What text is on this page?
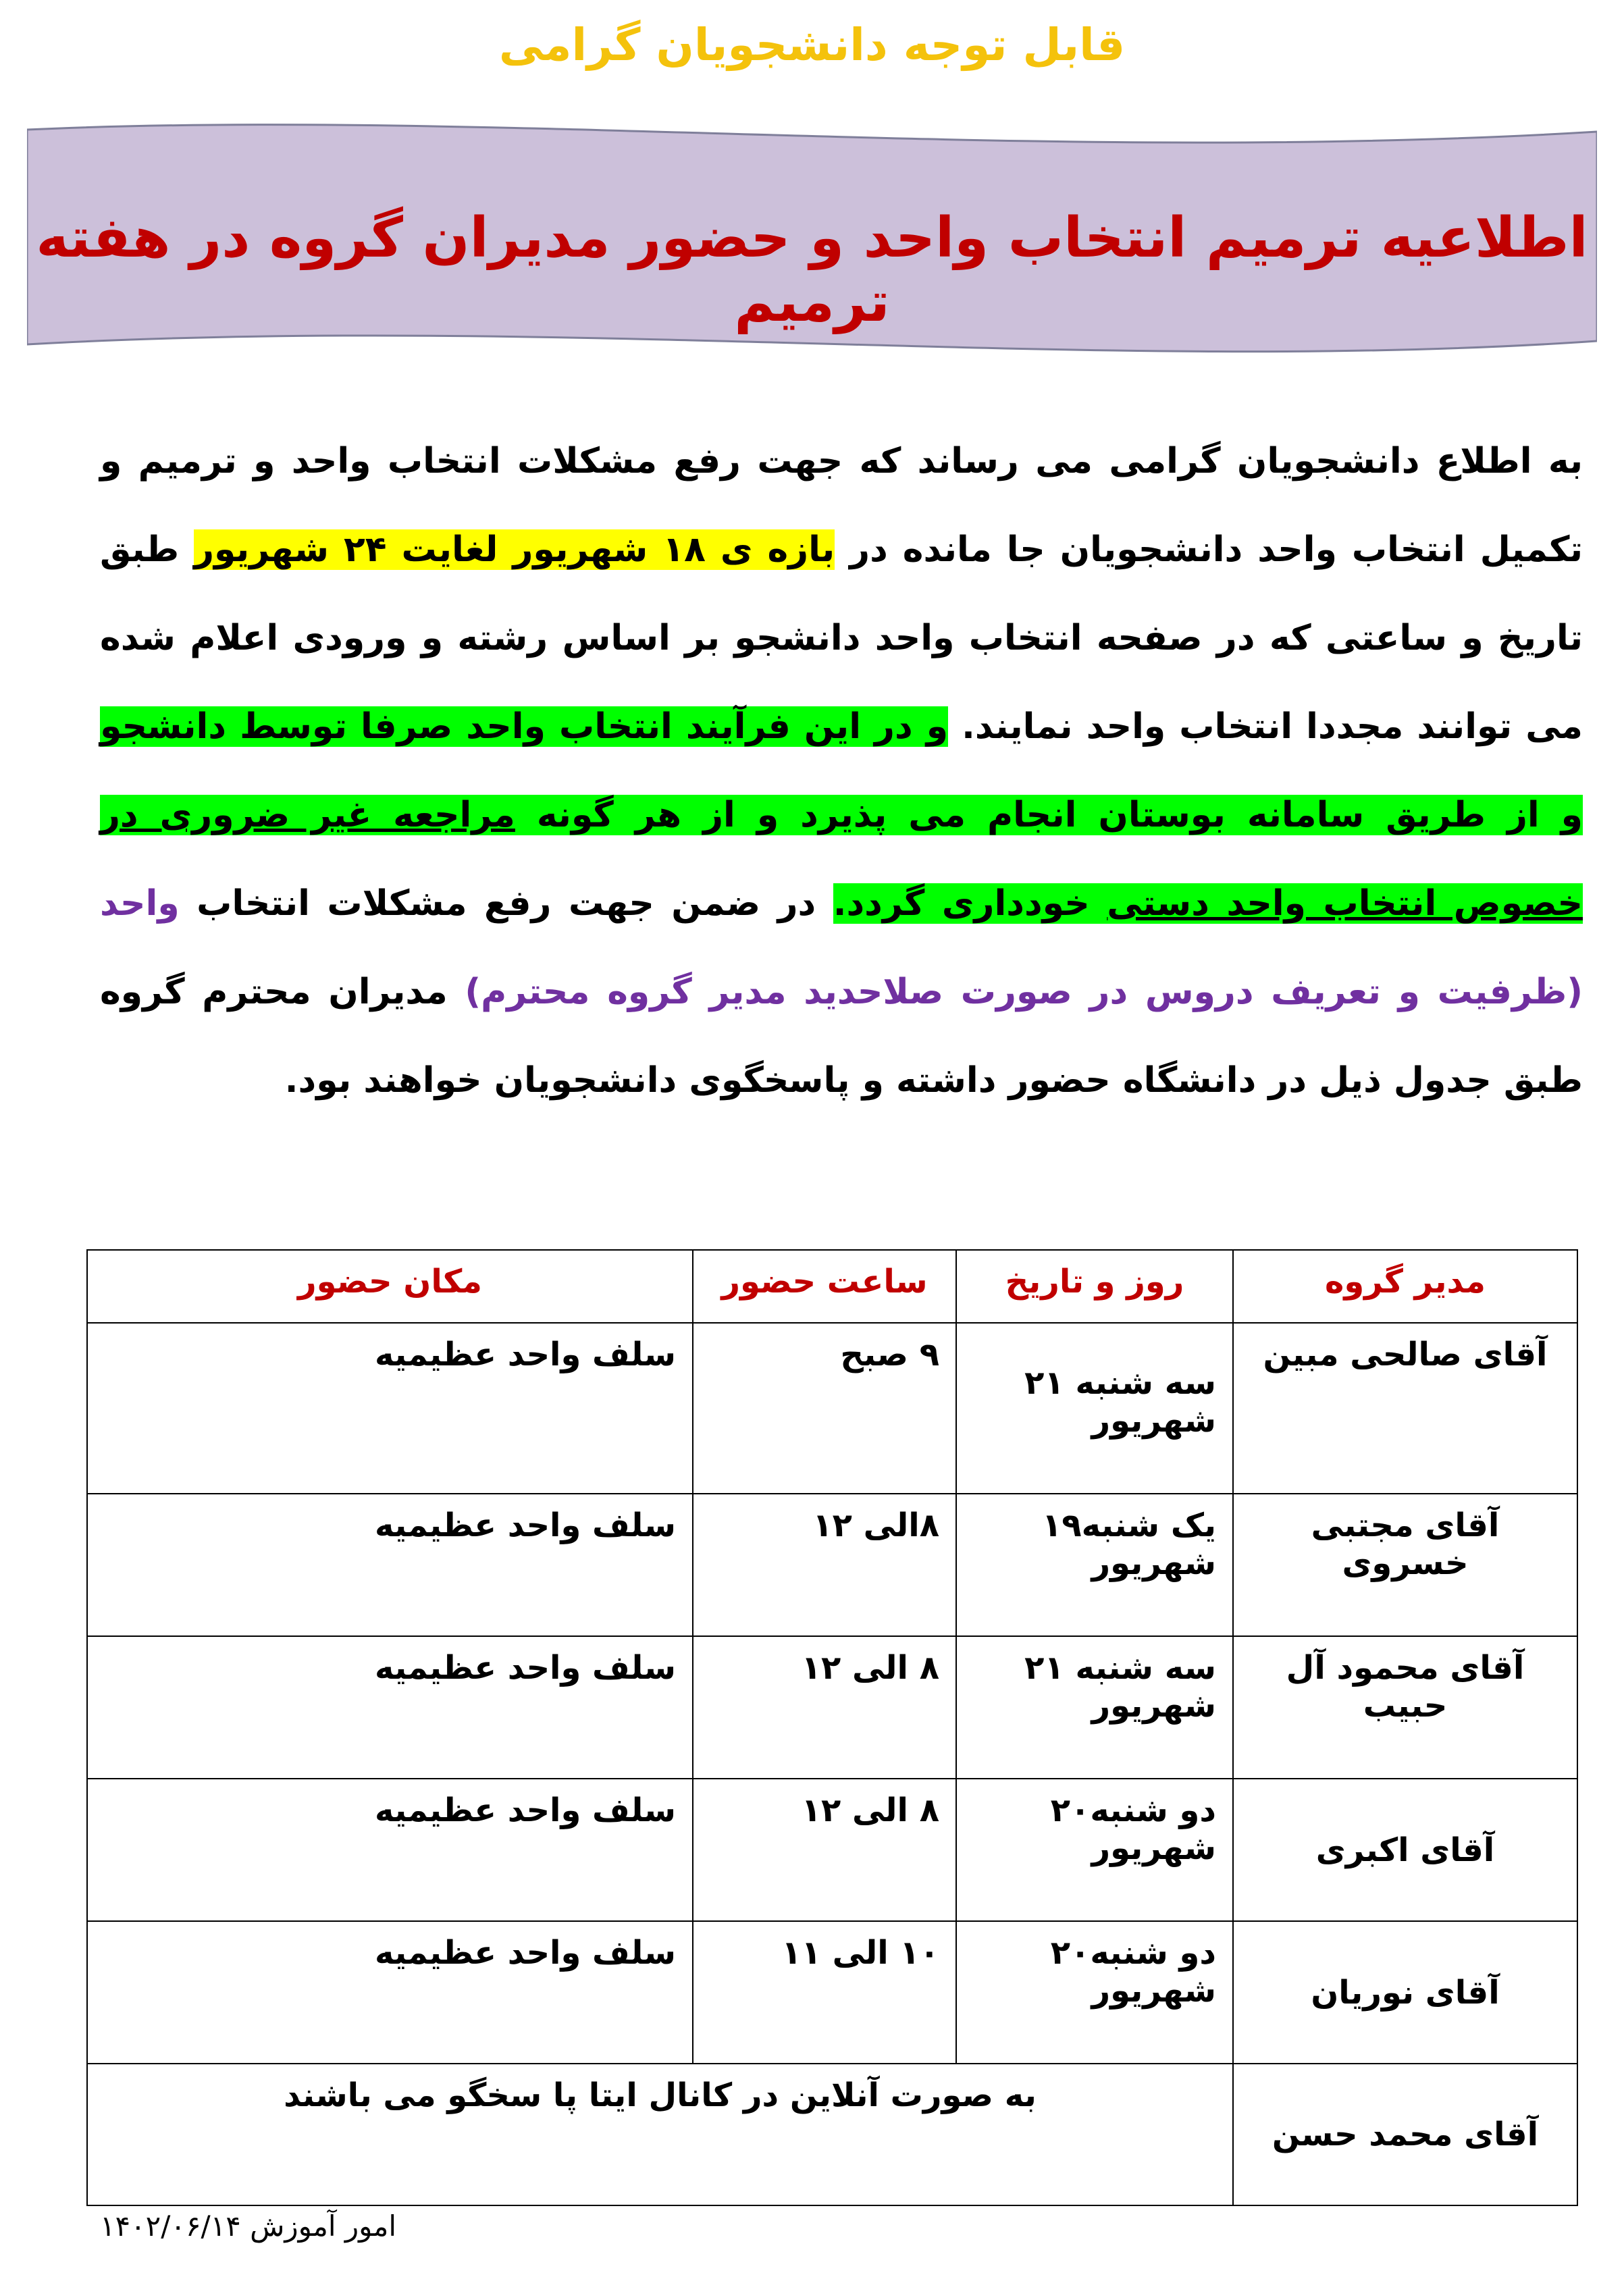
قابل توجه دانشجویان گرامی
اطلاعیه ترمیم انتخاب واحد و حضور مدیران گروه در هفته ترمیم
به اطلاع دانشجویان گرامی می رساند که جهت رفع مشکلات انتخاب واحد و ترمیم و تکمیل انتخاب واحد دانشجویان جا مانده در بازه ی ۱۸ شهریور لغایت ۲۴ شهریور طبق تاریخ و ساعتی که در صفحه انتخاب واحد دانشجو بر اساس رشته و ورودی اعلام شده می توانند مجددا انتخاب واحد نمایند. و در این فرآیند انتخاب واحد صرفا توسط دانشجو و از طریق سامانه بوستان انجام می پذیرد و از هر گونه مراجعه غیر ضروری در خصوص انتخاب واحد دستی خودداری گردد. در ضمن جهت رفع مشکلات انتخاب واحد (ظرفیت و تعریف دروس در صورت صلاحدید مدیر گروه محترم) مدیران محترم گروه طبق جدول ذیل در دانشگاه حضور داشته و پاسخگوی دانشجویان خواهند بود.
مدیر گروه	روز و تاریخ	ساعت حضور	مکان حضور
آقای صالحی مبین	سه شنبه ۲۱ شهریور	۹ صبح	سلف واحد عظیمیه
آقای مجتبی خسروی	یک شنبه۱۹ شهریور	۸الی ۱۲	سلف واحد عظیمیه
آقای محمود آل حبیب	سه شنبه ۲۱ شهریور	۸ الی ۱۲	سلف واحد عظیمیه
آقای اکبری	دو شنبه۲۰ شهریور	۸ الی ۱۲	سلف واحد عظیمیه
آقای نوریان	دو شنبه۲۰ شهریور	۱۰ الی ۱۱	سلف واحد عظیمیه
آقای محمد حسن	به صورت آنلاین در کانال ایتا پا سخگو می باشند		
امور آموزش ۱۴۰۲/۰۶/۱۴
